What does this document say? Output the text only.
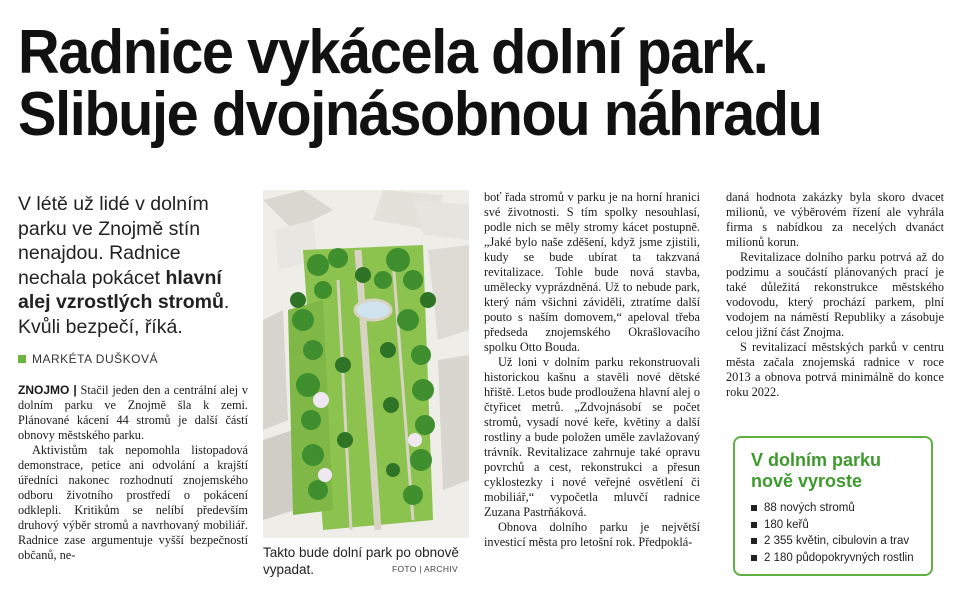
Radnice vykácela dolní park.
Slibuje dvojnásobnou náhradu
V létě už lidé v dolním parku ve Znojmě stín nenajdou. Radnice nechala pokácet hlavní alej vzrostlých stromů. Kvůli bezpečí, říká.
MARKÉTA DUŠKOVÁ

ZNOJMO | Stačil jeden den a centrální alej v dolním parku ve Znojmě šla k zemi. Plánované kácení 44 stromů je další částí obnovy městského parku.

Aktivistům tak nepomohla listopadová demonstrace, petice ani odvolání a krajští úředníci nakonec rozhodnutí znojemského odboru životního prostředí o pokácení odklepli. Kritikům se nelíbí především druhový výběr stromů a navrhovaný mobiliář. Radnice zase argumentuje vyšší bezpečností občanů, ne-	Takto bude dolní park po obnově vypadat.	FOTO | ARCHIV

boť řada stromů v parku je na horní hranici své životnosti. S tím spolky nesouhlasí, podle nich se měly stromy kácet postupně. „Jaké bylo naše zděšení, když jsme zjistili, kudy se bude ubírat ta takzvaná revitalizace. Tohle bude nová stavba, umělecky vyprázdněná. Už to nebude park, který nám všichni záviděli, ztratíme další pouto s naším domovem,“ apeloval třeba předseda znojemského Okrašlovacího spolku Otto Bouda.

Už loni v dolním parku rekonstruovali historickou kašnu a stavěli nové dětské hřiště. Letos bude prodloužena hlavní alej o čtyřicet metrů. „Zdvojnásobí se počet stromů, vysadí nové keře, květiny a další rostliny a bude položen uměle zavlažovaný trávník. Revitalizace zahrnuje také opravu povrchů a cest, rekonstrukci a přesun cyklostezky i nové veřejné osvětlení či mobiliář,“ vypočetla mluvčí radnice Zuzana Pastrňáková.

Obnova dolního parku je největší investicí města pro letošní rok. Předpoklá-

daná hodnota zakázky byla skoro dvacet milionů, ve výběrovém řízení ale vyhrála firma s nabídkou za necelých dvanáct milionů korun.

Revitalizace dolního parku potrvá až do podzimu a součástí plánovaných prací je také důležitá rekonstrukce městského vodovodu, který prochází parkem, plní vodojem na náměstí Republiky a zásobuje celou jižní část Znojma.

S revitalizací městských parků v centru města začala znojemská radnice v roce 2013 a obnova potrvá minimálně do konce roku 2022.

V dolním parku
nově vyroste
88 nových stromů
180 keřů
2 355 květin, cibulovin a trav
2 180 půdopokryvných rostlin
